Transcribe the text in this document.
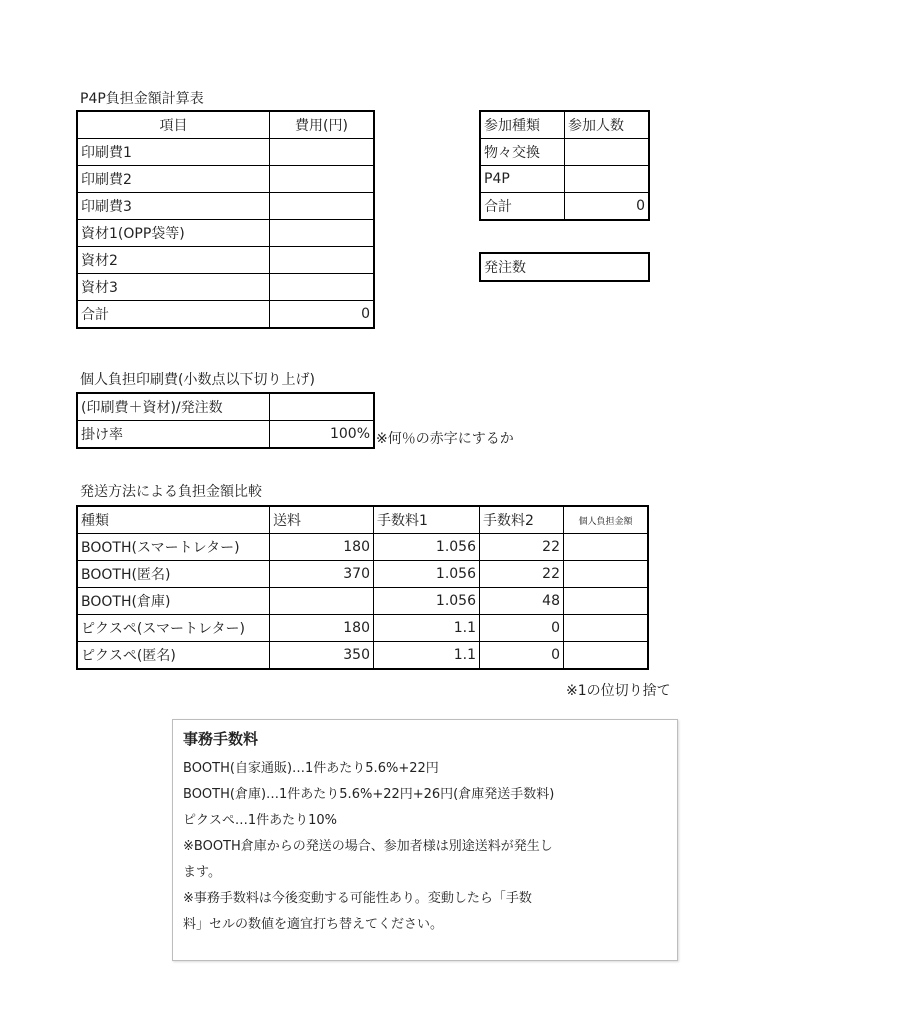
P4P負担金額計算表
項目	費用(円)
印刷費1	
印刷費2	
印刷費3	
資材1(OPP袋等)	
資材2	
資材3	
合計	0
参加種類	参加人数
物々交換	
P4P	
合計	0
発注数
個人負担印刷費(小数点以下切り上げ)
(印刷費＋資材)/発注数	
掛け率	100% ※何％の赤字にするか
発送方法による負担金額比較
種類	送料	手数料1	手数料2	個人負担金額
BOOTH(スマートレター)	180	1.056	22	
BOOTH(匿名)	370	1.056	22	
BOOTH(倉庫)		1.056	48	
ピクスペ(スマートレター)	180	1.1	0	
ピクスペ(匿名)	350	1.1	0	
※1の位切り捨て
事務手数料
BOOTH(自家通販)…1件あたり5.6%+22円
BOOTH(倉庫)…1件あたり5.6%+22円+26円(倉庫発送手数料)
ピクスペ…1件あたり10%
※BOOTH倉庫からの発送の場合、参加者様は別途送料が発生し
ます。
※事務手数料は今後変動する可能性あり。変動したら「手数
料」セルの数値を適宜打ち替えてください。
